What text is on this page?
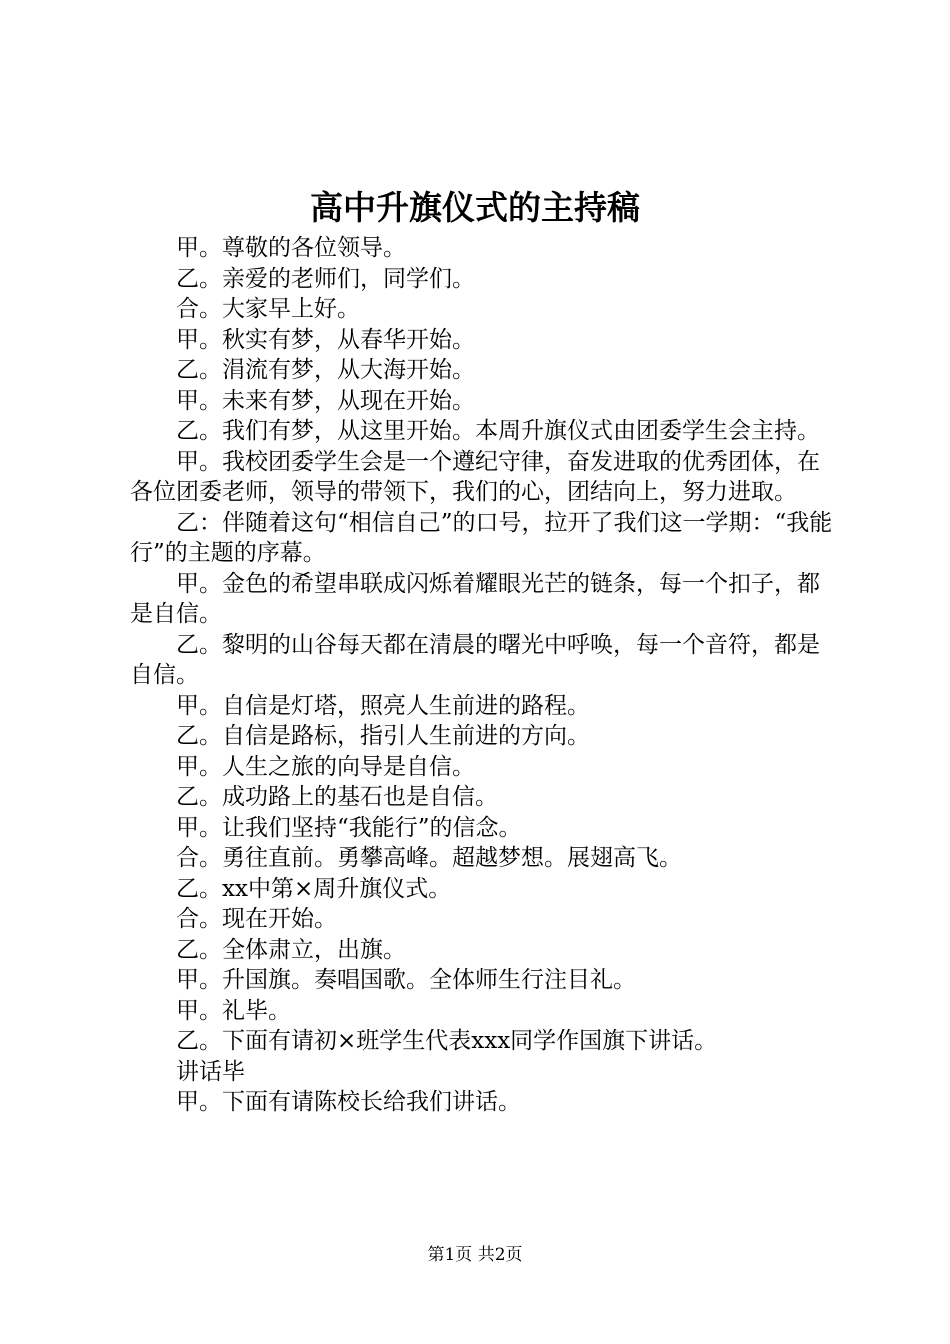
高中升旗仪式的主持稿

甲。尊敬的各位领导。

乙。亲爱的老师们，同学们。

合。大家早上好。

甲。秋实有梦，从春华开始。

乙。涓流有梦，从大海开始。

甲。未来有梦，从现在开始。

乙。我们有梦，从这里开始。本周升旗仪式由团委学生会主持。

甲。我校团委学生会是一个遵纪守律，奋发进取的优秀团体，在各位团委老师，领导的带领下，我们的心，团结向上，努力进取。

乙：伴随着这句“相信自己”的口号，拉开了我们这一学期：“我能行”的主题的序幕。

甲。金色的希望串联成闪烁着耀眼光芒的链条，每一个扣子，都是自信。

乙。黎明的山谷每天都在清晨的曙光中呼唤，每一个音符，都是自信。

甲。自信是灯塔，照亮人生前进的路程。

乙。自信是路标，指引人生前进的方向。

甲。人生之旅的向导是自信。

乙。成功路上的基石也是自信。

甲。让我们坚持“我能行”的信念。

合。勇往直前。勇攀高峰。超越梦想。展翅高飞。

乙。xx中第×周升旗仪式。

合。现在开始。

乙。全体肃立，出旗。

甲。升国旗。奏唱国歌。全体师生行注目礼。

甲。礼毕。

乙。下面有请初×班学生代表xxx同学作国旗下讲话。

讲话毕

甲。下面有请陈校长给我们讲话。

第1页 共2页
